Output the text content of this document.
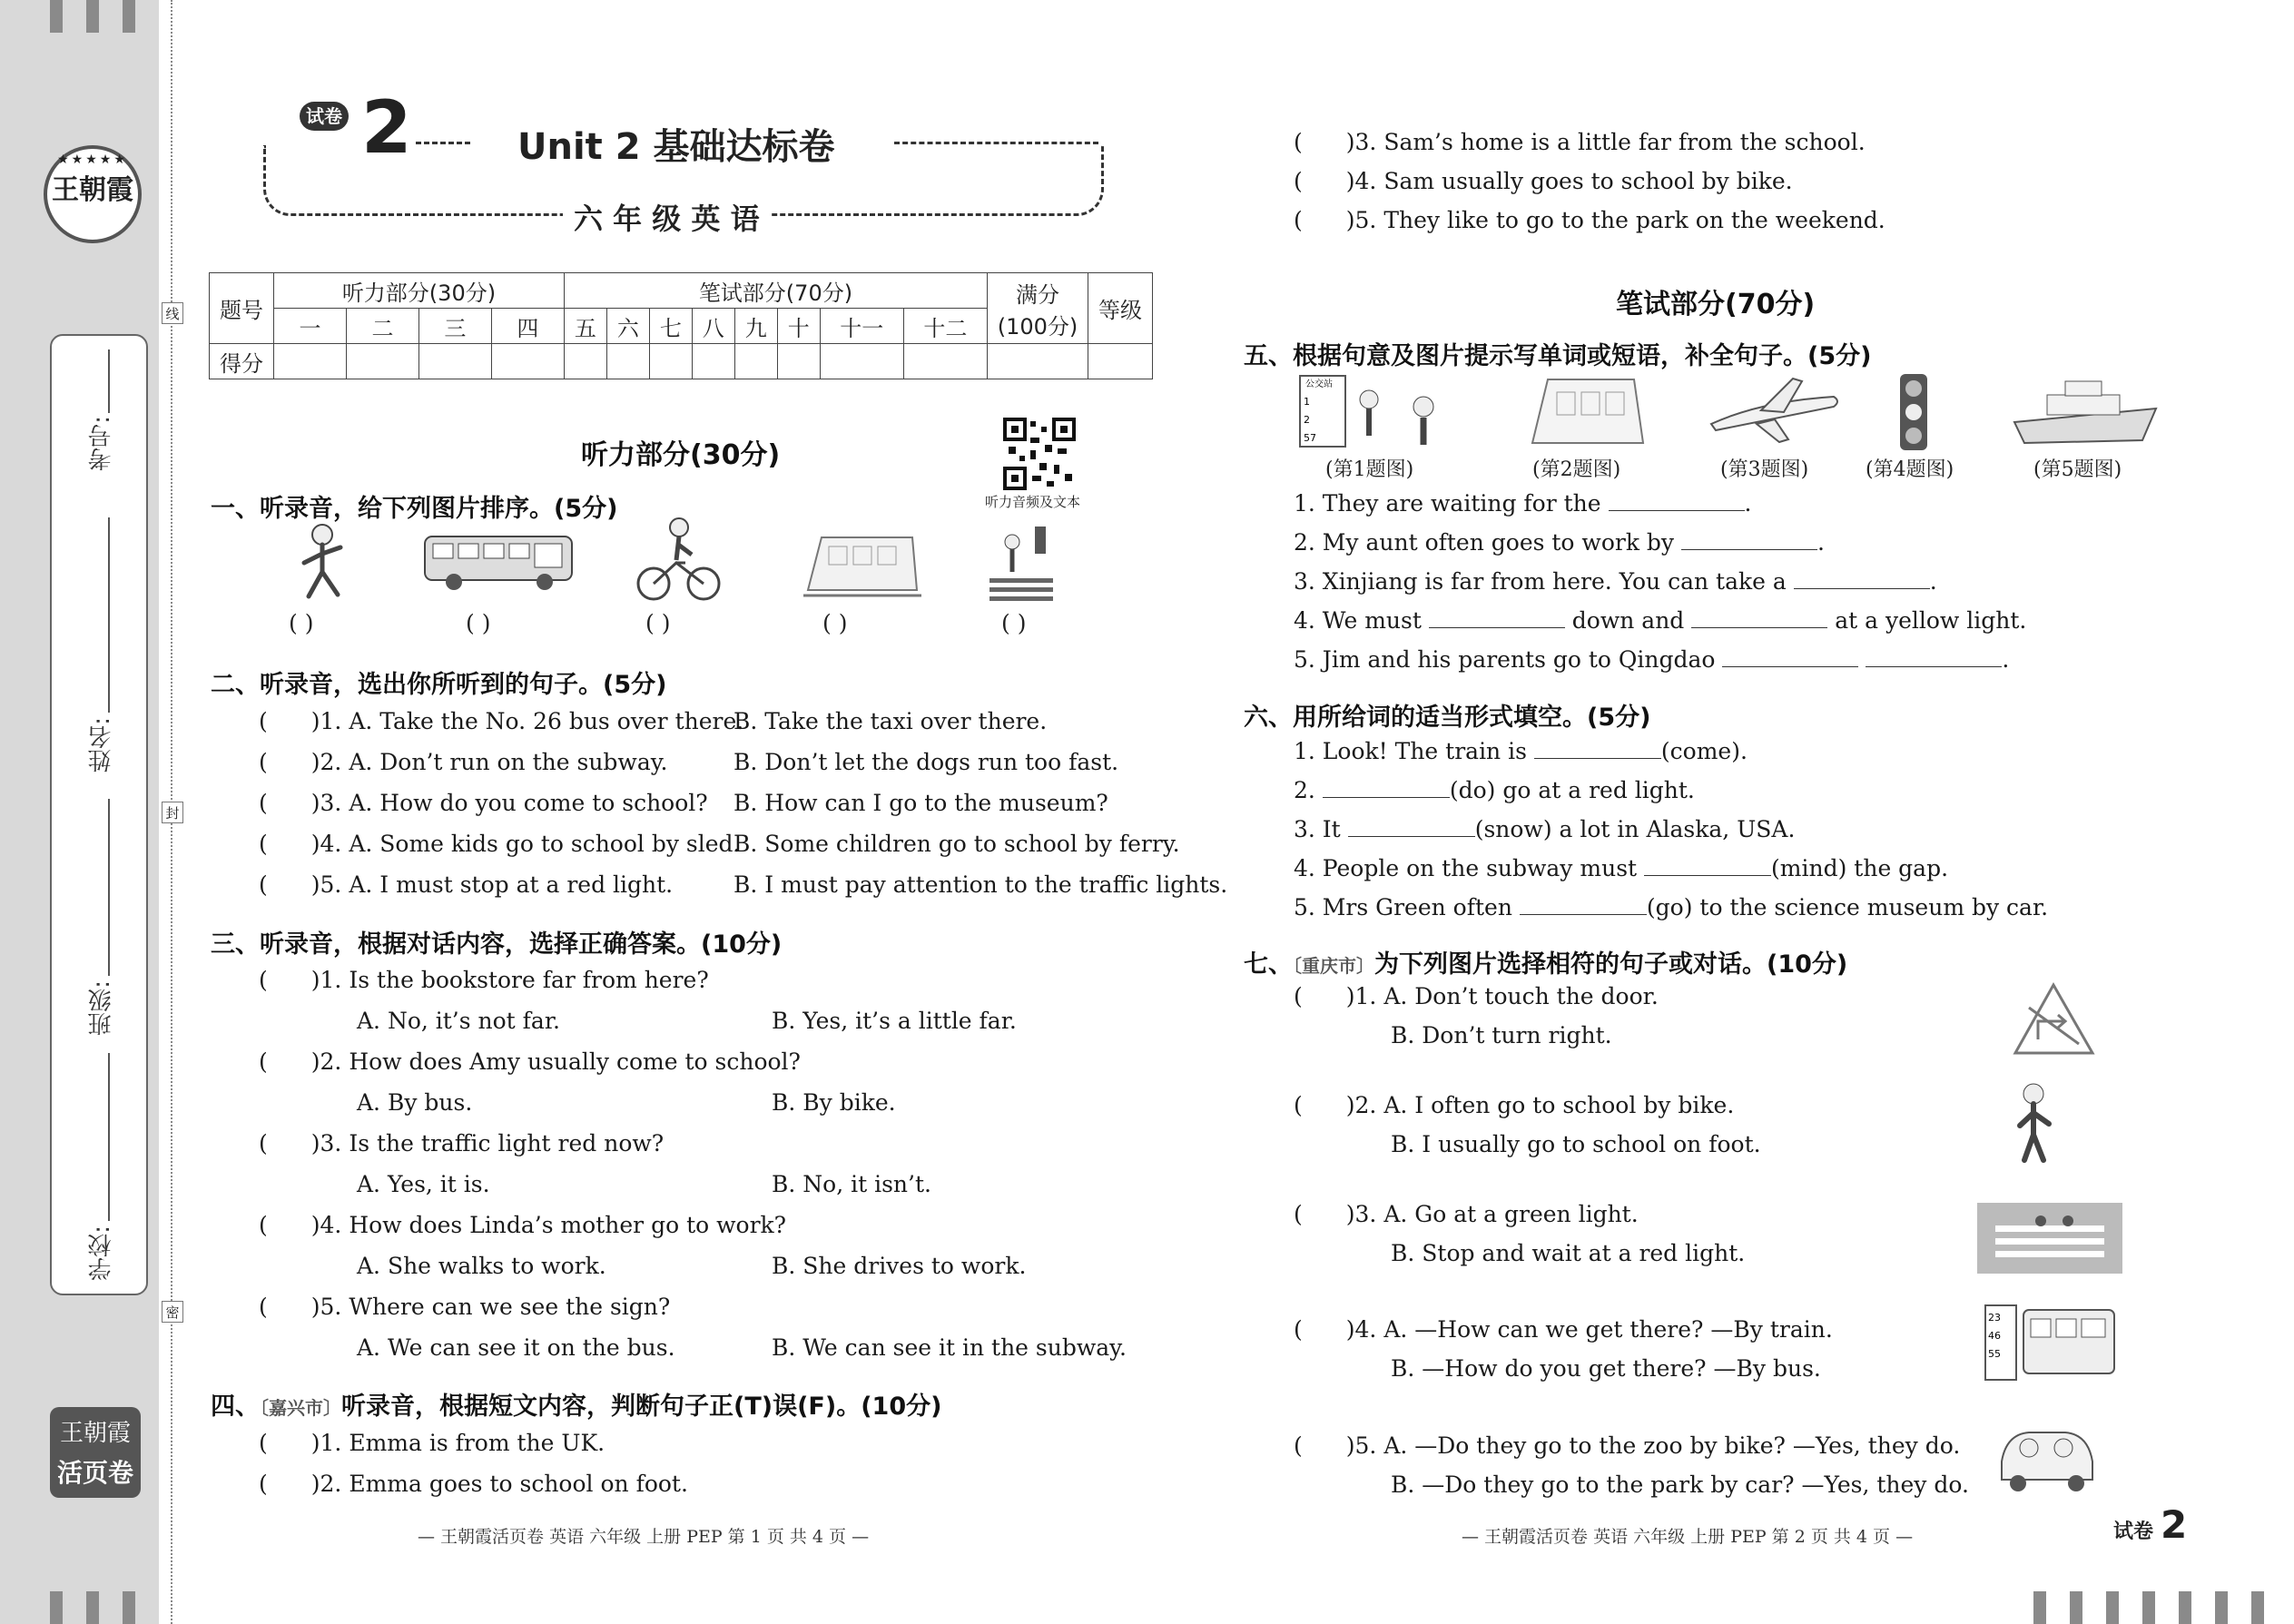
★★★★★
王朝霞
王朝霞
活页卷
考号:
姓名:
班级:
学校:
线
封
密
试卷 2	Unit 2 基础达标卷
六 年 级 英 语
题号	听力部分(30分)				笔试部分(70分)								满分
(100分)	等级
	一	二	三	四	五	六	七	八	九	十	十一	十二		
得分														
听力部分(30分)
听力音频及文本
一、听录音，给下列图片排序。(5分)
( )	( )	( )	( )	( )
二、听录音，选出你所听到的句子。(5分)
( )1. A. Take the No. 26 bus over there.
B. Take the taxi over there.
( )2. A. Don’t run on the subway.	B. Don’t let the dogs run too fast.
( )3. A. How do you come to school? B. How can I go to the museum?
( )4. A. Some kids go to school by sled.
B. Some children go to school by ferry.
( )5. A. I must stop at a red light.	B. I must pay attention to the traffic lights.
三、听录音，根据对话内容，选择正确答案。(10分)
( )1. Is the bookstore far from here?
A. No, it’s not far.	B. Yes, it’s a little far.
( )2. How does Amy usually come to school?
A. By bus.	B. By bike.
( )3. Is the traffic light red now?
A. Yes, it is.	B. No, it isn’t.
( )4. How does Linda’s mother go to work?
A. She walks to work.	B. She drives to work.
( )5. Where can we see the sign?
A. We can see it on the bus.	B. We can see it in the subway.
四、〔嘉兴市〕听录音，根据短文内容，判断句子正(T)误(F)。(10分)
( )1. Emma is from the UK.
( )2. Emma goes to school on foot.
( )3. Sam’s home is a little far from the school.
( )4. Sam usually goes to school by bike.
( )5. They like to go to the park on the weekend.
笔试部分(70分)
五、根据句意及图片提示写单词或短语，补全句子。(5分)
公交站
1
2
57
(第1题图)	(第2题图)	(第3题图)	(第4题图)	(第5题图)
1. They are waiting for the	.
2. My aunt often goes to work by	.
3. Xinjiang is far from here. You can take a	.
4. We must	down and	at a yellow light.
5. Jim and his parents go to Qingdao	.
六、用所给词的适当形式填空。(5分)
1. Look! The train is	(come).
2.	(do) go at a red light.
3. It	(snow) a lot in Alaska, USA.
4. People on the subway must	(mind) the gap.
5. Mrs Green often	(go) to the science museum by car.
七、〔重庆市〕为下列图片选择相符的句子或对话。(10分)
( )1. A. Don’t touch the door.
B. Don’t turn right.
( )2. A. I often go to school by bike.
B. I usually go to school on foot.
( )3. A. Go at a green light.
B. Stop and wait at a red light.
( )4. A. —How can we get there? —By train.
B. —How do you get there? —By bus.
( )5. A. —Do they go to the zoo by bike? —Yes, they do.
B. —Do they go to the park by car? —Yes, they do.
23
46
55
— 王朝霞活页卷 英语 六年级 上册 PEP 第 1 页 共 4 页 —	— 王朝霞活页卷 英语 六年级 上册 PEP 第 2 页 共 4 页 —	试卷 2
